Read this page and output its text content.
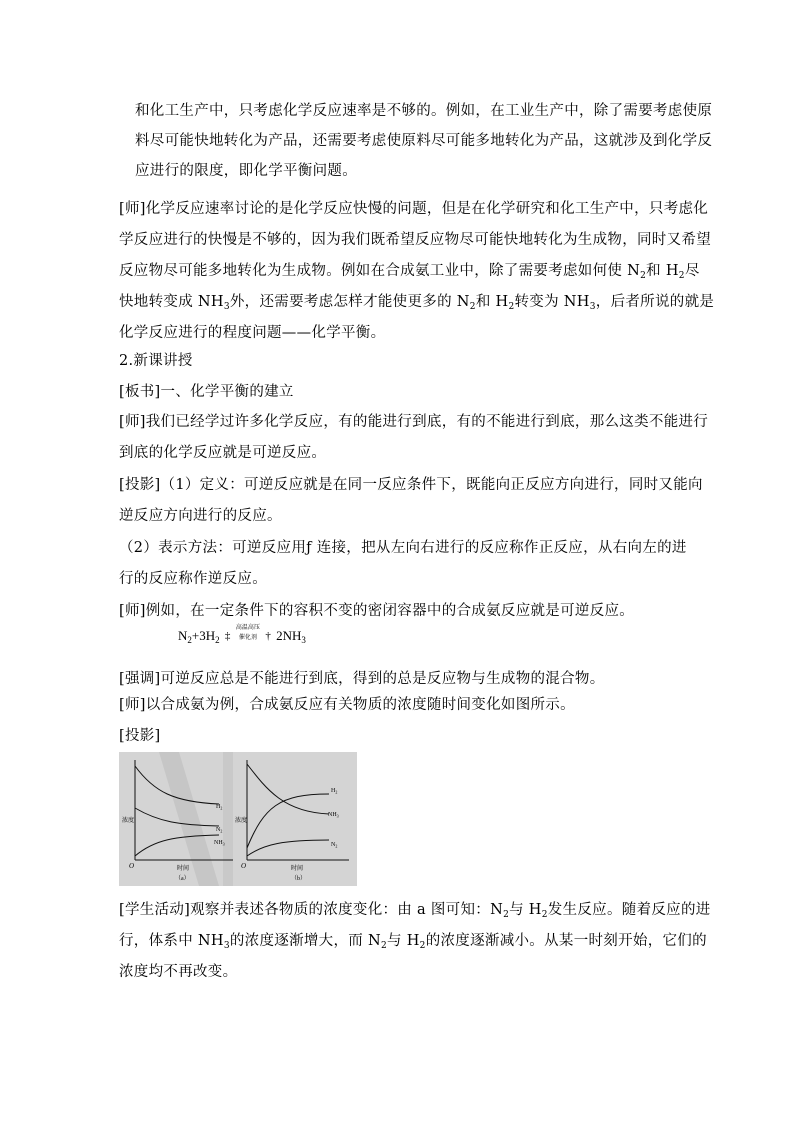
和化工生产中，只考虑化学反应速率是不够的。例如，在工业生产中，除了需要考虑使原
料尽可能快地转化为产品，还需要考虑使原料尽可能多地转化为产品，这就涉及到化学反
应进行的限度，即化学平衡问题。
[师]化学反应速率讨论的是化学反应快慢的问题，但是在化学研究和化工生产中，只考虑化
学反应进行的快慢是不够的，因为我们既希望反应物尽可能快地转化为生成物，同时又希望
反应物尽可能多地转化为生成物。例如在合成氨工业中，除了需要考虑如何使 $N_2$和 $H_2$尽
快地转变成 $NH_3$外，还需要考虑怎样才能使更多的 $N_2$和 $H_2$转变为 $NH_3$，后者所说的就是
化学反应进行的程度问题——化学平衡。
2.新课讲授
[板书]一、化学平衡的建立
[师]我们已经学过许多化学反应，有的能进行到底，有的不能进行到底，那么这类不能进行
到底的化学反应就是可逆反应。
[投影]（1）定义：可逆反应就是在同一反应条件下，既能向正反应方向进行，同时又能向
逆反应方向进行的反应。
（2）表示方法：可逆反应用ƒ 连接，把从左向右进行的反应称作正反应，从右向左的进
行的反应称作逆反应。
[师]例如，在一定条件下的容积不变的密闭容器中的合成氨反应就是可逆反应。
$N_2+3H_2$ ‡
高温高压
催化剂 † $2NH_3$
[强调]可逆反应总是不能进行到底，得到的总是反应物与生成物的混合物。
[师]以合成氨为例，合成氨反应有关物质的浓度随时间变化如图所示。
[投影]
浓度
时间
O
（a）
$H_2$
$N_2$
$NH_3$
浓度
时间
O
（b）
$H_2$
$NH_3$
$N_2$
[学生活动]观察并表述各物质的浓度变化：由 a 图可知：$N_2$与 $H_2$发生反应。随着反应的进
行，体系中 $NH_3$的浓度逐渐增大，而 $N_2$与 $H_2$的浓度逐渐减小。从某一时刻开始，它们的
浓度均不再改变。
